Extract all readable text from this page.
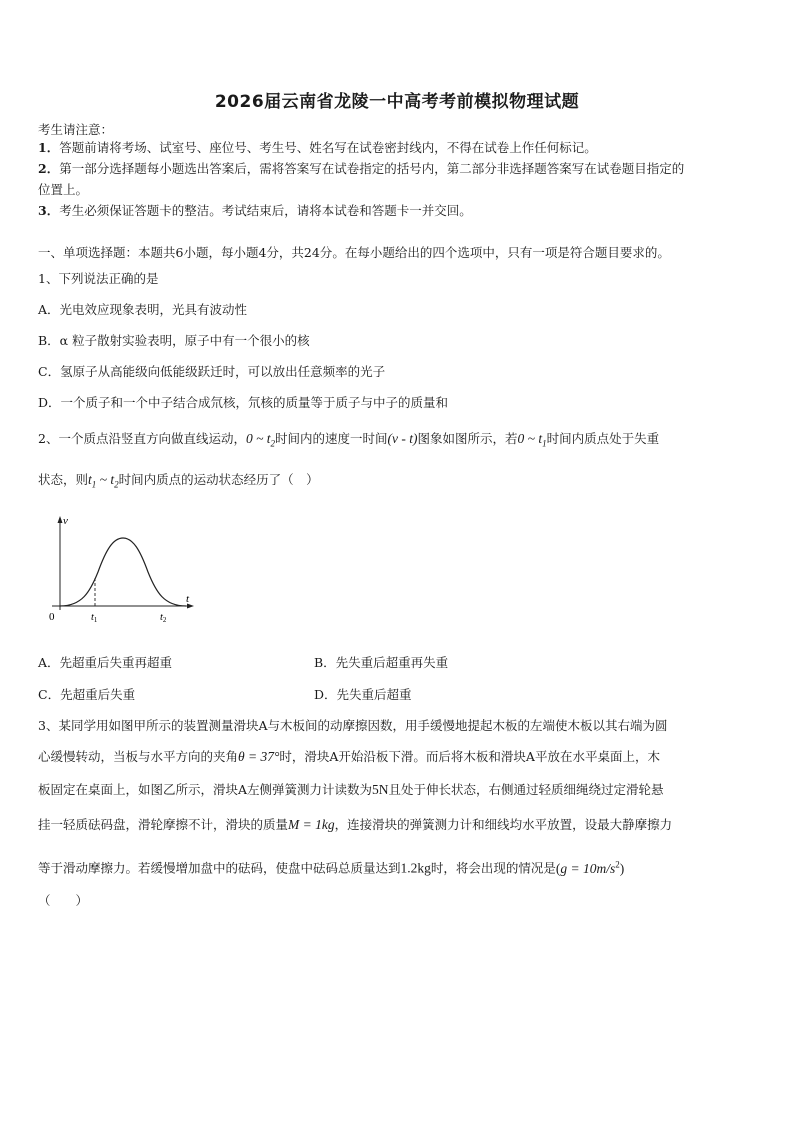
2026届云南省龙陵一中高考考前模拟物理试题
考生请注意：
1．答题前请将考场、试室号、座位号、考生号、姓名写在试卷密封线内，不得在试卷上作任何标记。
2．第一部分选择题每小题选出答案后，需将答案写在试卷指定的括号内，第二部分非选择题答案写在试卷题目指定的
位置上。
3．考生必须保证答题卡的整洁。考试结束后，请将本试卷和答题卡一并交回。
一、单项选择题：本题共6小题，每小题4分，共24分。在每小题给出的四个选项中，只有一项是符合题目要求的。
1、下列说法正确的是
A．光电效应现象表明，光具有波动性
B．α 粒子散射实验表明，原子中有一个很小的核
C．氢原子从高能级向低能级跃迁时，可以放出任意频率的光子
D．一个质子和一个中子结合成氘核，氘核的质量等于质子与中子的质量和
2、一个质点沿竖直方向做直线运动，0 ~ $t_2$时间内的速度一时间(v - t)图象如图所示，若0 ~ $t_1$时间内质点处于失重
状态，则$t_1$ ~ $t_2$时间内质点的运动状态经历了（　）
v
t
0	t1	t2
A．先超重后失重再超重	B．先失重后超重再失重
C．先超重后失重	D．先失重后超重
3、某同学用如图甲所示的装置测量滑块A与木板间的动摩擦因数，用手缓慢地提起木板的左端使木板以其右端为圆
心缓慢转动，当板与水平方向的夹角θ = 37°时，滑块A开始沿板下滑。而后将木板和滑块A平放在水平桌面上，木
板固定在桌面上，如图乙所示，滑块A左侧弹簧测力计读数为5N且处于伸长状态，右侧通过轻质细绳绕过定滑轮悬
挂一轻质砝码盘，滑轮摩擦不计，滑块的质量M = 1kg，连接滑块的弹簧测力计和细线均水平放置，设最大静摩擦力
等于滑动摩擦力。若缓慢增加盘中的砝码，使盘中砝码总质量达到1.2kg时，将会出现的情况是$(g = 10m/s^2)$
（　　）
